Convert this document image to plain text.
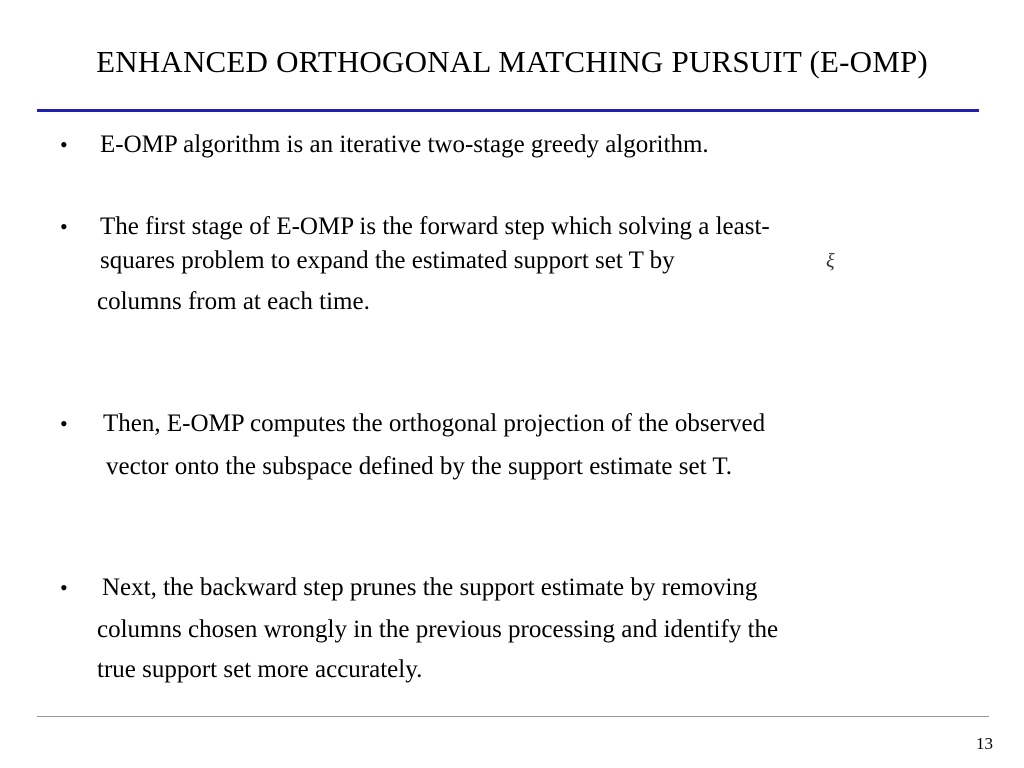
ENHANCED ORTHOGONAL MATCHING PURSUIT (E-OMP)
• E-OMP algorithm is an iterative two-stage greedy algorithm.
• The first stage of E-OMP is the forward step which solving a least-
squares problem to expand the estimated support set T by	ξ
columns from at each time.
• Then, E-OMP computes the orthogonal projection of the observed
vector onto the subspace defined by the support estimate set T.
• Next, the backward step prunes the support estimate by removing
columns chosen wrongly in the previous processing and identify the
true support set more accurately.
13
